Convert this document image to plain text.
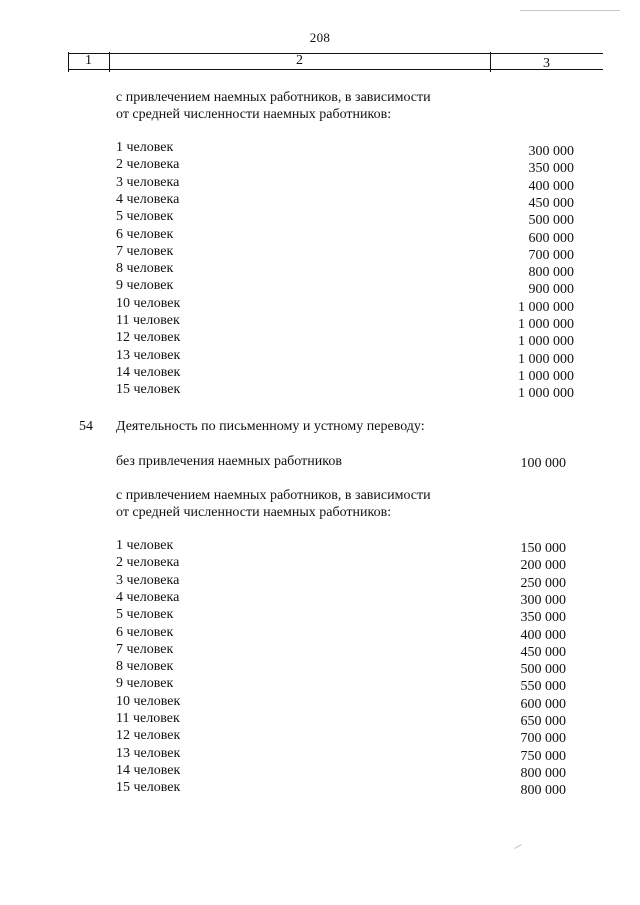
208
1	2	3
с привлечением наемных работников, в зависимости
от средней численности наемных работников:
1 человек	300 000
2 человека	350 000
3 человека	400 000
4 человека	450 000
5 человек	500 000
6 человек	600 000
7 человек	700 000
8 человек	800 000
9 человек	900 000
10 человек	1 000 000
11 человек	1 000 000
12 человек	1 000 000
13 человек	1 000 000
14 человек	1 000 000
15 человек	1 000 000
54 Деятельность по письменному и устному переводу:
без привлечения наемных работников	100 000
с привлечением наемных работников, в зависимости
от средней численности наемных работников:
1 человек	150 000
2 человека	200 000
3 человека	250 000
4 человека	300 000
5 человек	350 000
6 человек	400 000
7 человек	450 000
8 человек	500 000
9 человек	550 000
10 человек	600 000
11 человек	650 000
12 человек	700 000
13 человек	750 000
14 человек	800 000
15 человек	800 000
